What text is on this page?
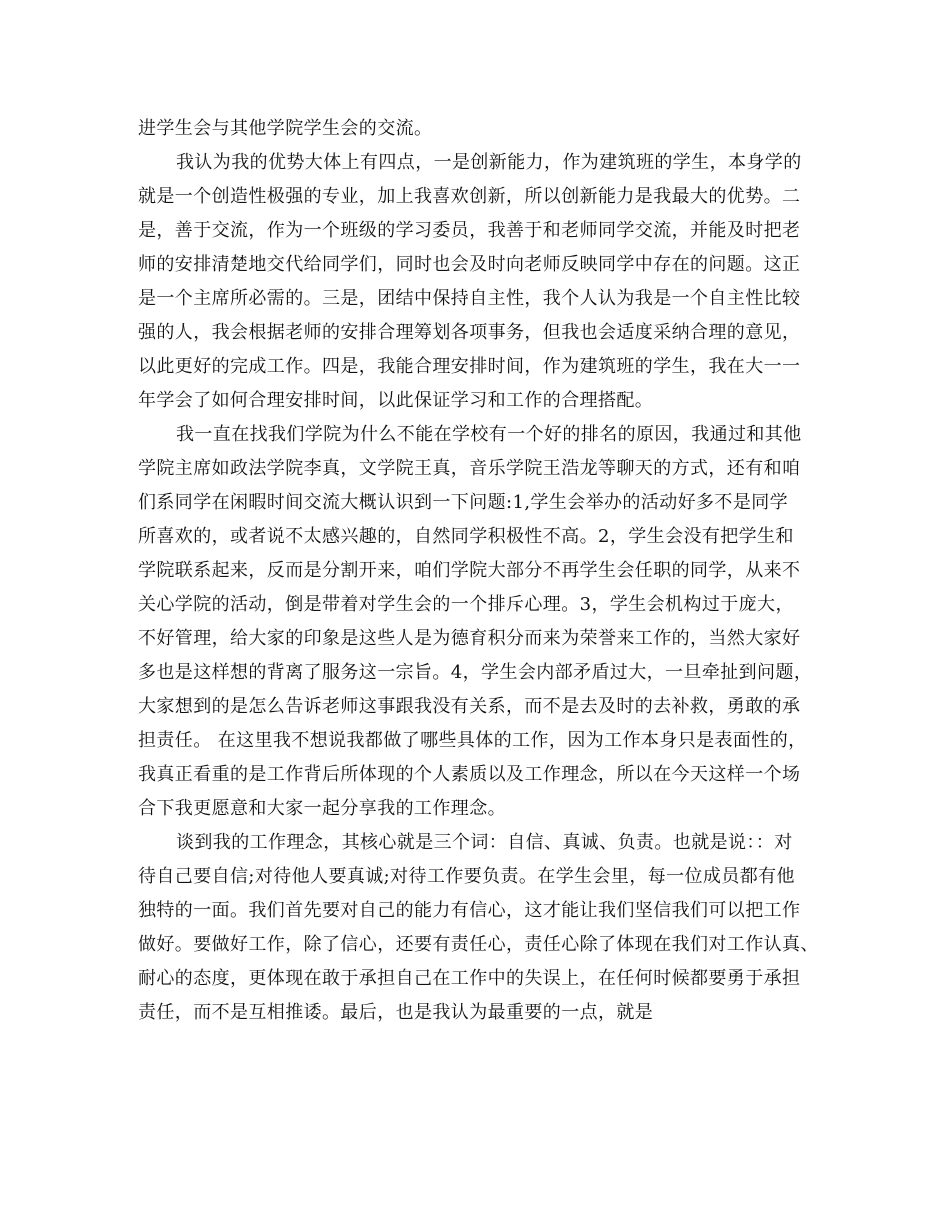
进学生会与其他学院学生会的交流。
我认为我的优势大体上有四点，一是创新能力，作为建筑班的学生，本身学的
就是一个创造性极强的专业，加上我喜欢创新，所以创新能力是我最大的优势。二
是，善于交流，作为一个班级的学习委员，我善于和老师同学交流，并能及时把老
师的安排清楚地交代给同学们，同时也会及时向老师反映同学中存在的问题。这正
是一个主席所必需的。三是，团结中保持自主性，我个人认为我是一个自主性比较
强的人，我会根据老师的安排合理筹划各项事务，但我也会适度采纳合理的意见，
以此更好的完成工作。四是，我能合理安排时间，作为建筑班的学生，我在大一一
年学会了如何合理安排时间，以此保证学习和工作的合理搭配。
我一直在找我们学院为什么不能在学校有一个好的排名的原因，我通过和其他
学院主席如政法学院李真，文学院王真，音乐学院王浩龙等聊天的方式，还有和咱
们系同学在闲暇时间交流大概认识到一下问题:1,学生会举办的活动好多不是同学
所喜欢的，或者说不太感兴趣的，自然同学积极性不高。2，学生会没有把学生和
学院联系起来，反而是分割开来，咱们学院大部分不再学生会任职的同学，从来不
关心学院的活动，倒是带着对学生会的一个排斥心理。3，学生会机构过于庞大，
不好管理，给大家的印象是这些人是为德育积分而来为荣誉来工作的，当然大家好
多也是这样想的背离了服务这一宗旨。4，学生会内部矛盾过大，一旦牵扯到问题，
大家想到的是怎么告诉老师这事跟我没有关系，而不是去及时的去补救，勇敢的承
担责任。 在这里我不想说我都做了哪些具体的工作，因为工作本身只是表面性的，
我真正看重的是工作背后所体现的个人素质以及工作理念，所以在今天这样一个场
合下我更愿意和大家一起分享我的工作理念。
谈到我的工作理念，其核心就是三个词：自信、真诚、负责。也就是说：：对
待自己要自信;对待他人要真诚;对待工作要负责。在学生会里，每一位成员都有他
独特的一面。我们首先要对自己的能力有信心，这才能让我们坚信我们可以把工作
做好。要做好工作，除了信心，还要有责任心，责任心除了体现在我们对工作认真、
耐心的态度，更体现在敢于承担自己在工作中的失误上，在任何时候都要勇于承担
责任，而不是互相推诿。最后，也是我认为最重要的一点，就是
